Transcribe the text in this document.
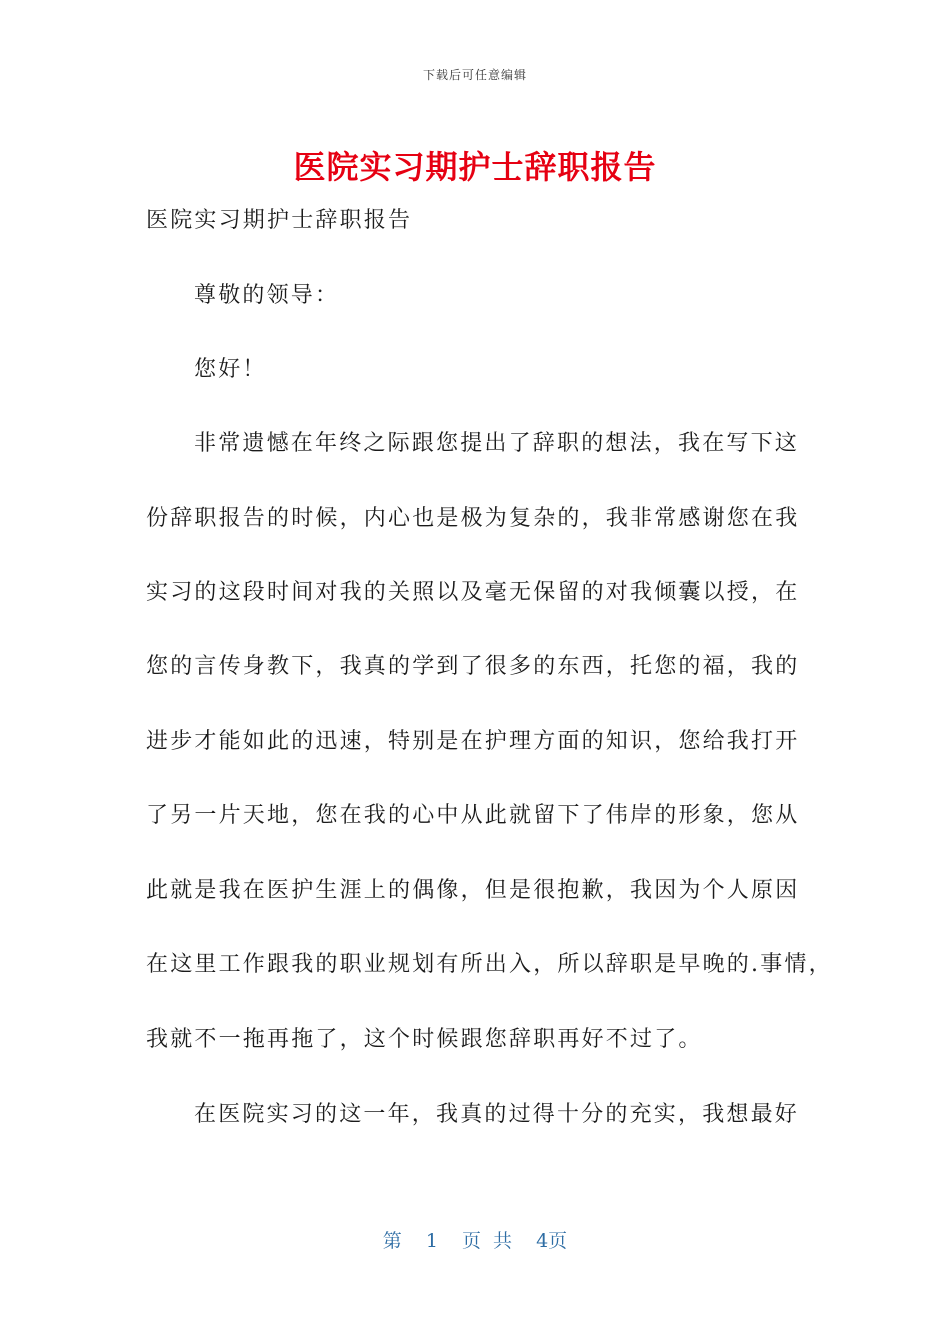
下载后可任意编辑
医院实习期护士辞职报告
医院实习期护士辞职报告
尊敬的领导：
您好！
非常遗憾在年终之际跟您提出了辞职的想法，我在写下这
份辞职报告的时候，内心也是极为复杂的，我非常感谢您在我
实习的这段时间对我的关照以及毫无保留的对我倾囊以授，在
您的言传身教下，我真的学到了很多的东西，托您的福，我的
进步才能如此的迅速，特别是在护理方面的知识，您给我打开
了另一片天地，您在我的心中从此就留下了伟岸的形象，您从
此就是我在医护生涯上的偶像，但是很抱歉，我因为个人原因
在这里工作跟我的职业规划有所出入，所以辞职是早晚的.事情，
我就不一拖再拖了，这个时候跟您辞职再好不过了。
在医院实习的这一年，我真的过得十分的充实，我想最好
第 1 页 共 4页
